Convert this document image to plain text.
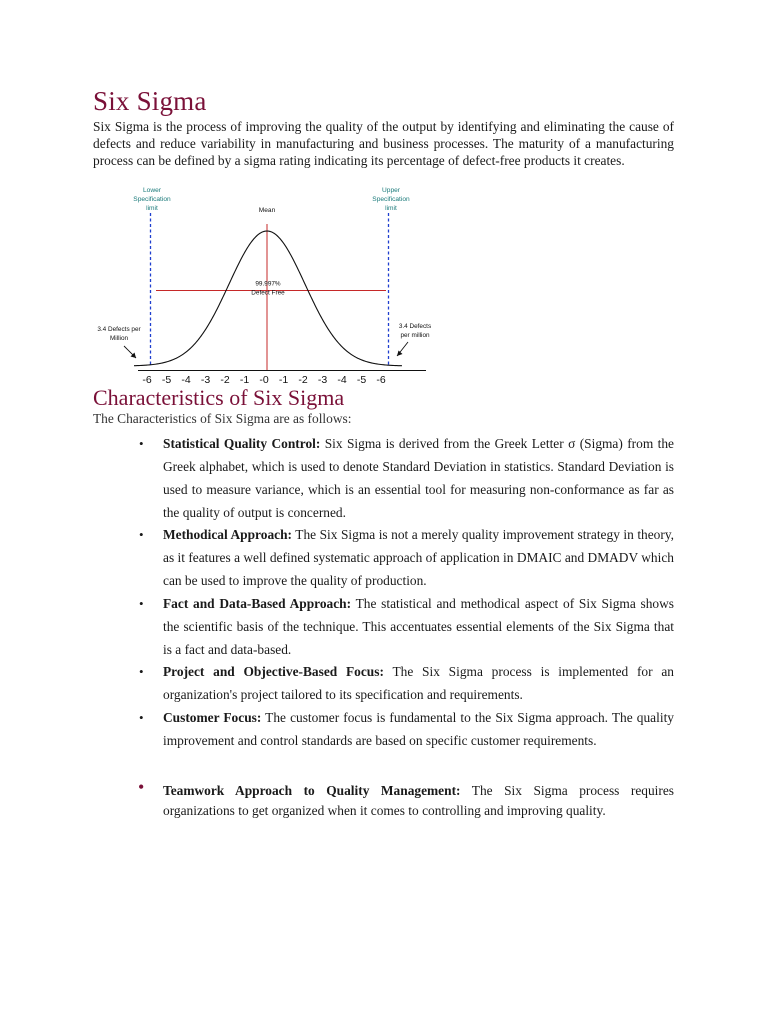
Six Sigma

Six Sigma is the process of improving the quality of the output by identifying and eliminating the cause of defects and reduce variability in manufacturing and business processes. The maturity of a manufacturing process can be defined by a sigma rating indicating its percentage of defect-free products it creates.

Lower
Specification
limit
Upper
Specification
limit
Mean
99.997%
Defect Free
3.4 Defects per
Million
3.4 Defects
per million
-6 -5 -4 -3 -2 -1 -0 -1 -2 -3 -4 -5 -6
Characteristics of Six Sigma

The Characteristics of Six Sigma are as follows:

• Statistical Quality Control: Six Sigma is derived from the Greek Letter σ (Sigma) from the Greek alphabet, which is used to denote Standard Deviation in statistics. Standard Deviation is used to measure variance, which is an essential tool for measuring non-conformance as far as the quality of output is concerned.
• Methodical Approach: The Six Sigma is not a merely quality improvement strategy in theory, as it features a well defined systematic approach of application in DMAIC and DMADV which can be used to improve the quality of production.
• Fact and Data-Based Approach: The statistical and methodical aspect of Six Sigma shows the scientific basis of the technique. This accentuates essential elements of the Six Sigma that is a fact and data-based.
• Project and Objective-Based Focus: The Six Sigma process is implemented for an organization's project tailored to its specification and requirements.
• Customer Focus: The customer focus is fundamental to the Six Sigma approach. The quality improvement and control standards are based on specific customer requirements.
• Teamwork Approach to Quality Management: The Six Sigma process requires organizations to get organized when it comes to controlling and improving quality.
